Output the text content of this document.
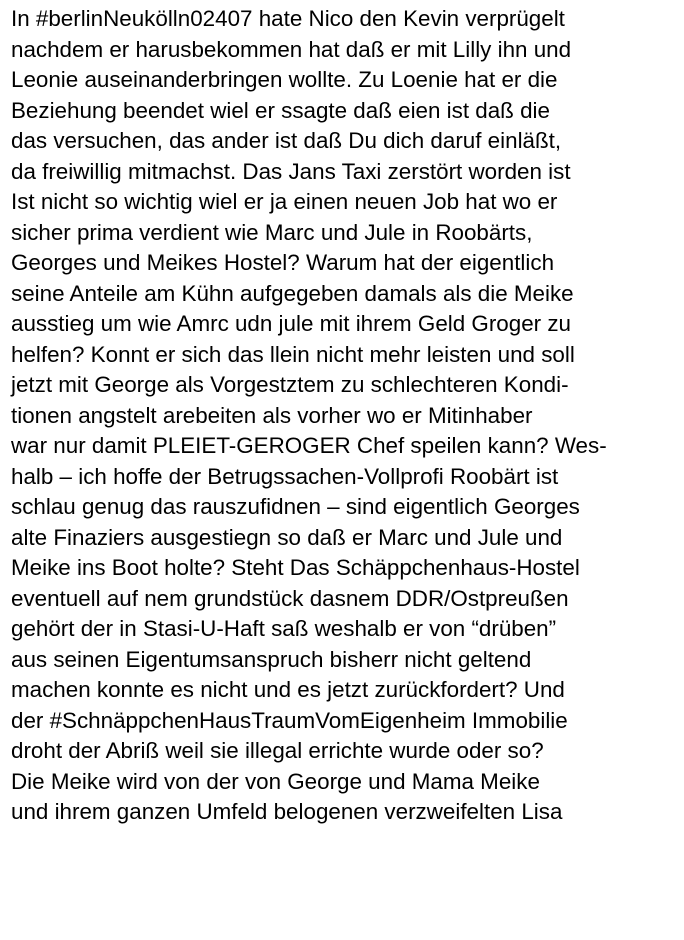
In #berlinNeukölln02407 hate Nico den Kevin verprügelt
nachdem er harusbekommen hat daß er mit Lilly ihn und
Leonie auseinanderbringen wollte. Zu Loenie hat er die
Beziehung beendet wiel er ssagte daß eien ist daß die
das versuchen, das ander ist daß Du dich daruf einläßt,
da freiwillig mitmachst. Das Jans Taxi zerstört worden ist
Ist nicht so wichtig wiel er ja einen neuen Job hat wo er
sicher prima verdient wie Marc und Jule in Roobärts,
Georges und Meikes Hostel? Warum hat der eigentlich
seine Anteile am Kühn aufgegeben damals als die Meike
ausstieg um wie Amrc udn jule mit ihrem Geld Groger zu
helfen? Konnt er sich das llein nicht mehr leisten und soll
jetzt mit George als Vorgestztem zu schlechteren Kondi-
tionen angstelt arebeiten als vorher wo er Mitinhaber
war nur damit PLEIET-GEROGER Chef speilen kann? Wes-
halb – ich hoffe der Betrugssachen-Vollprofi Roobärt ist
schlau genug das rauszufidnen – sind eigentlich Georges
alte Finaziers ausgestiegn so daß er Marc und Jule und
Meike ins Boot holte? Steht Das Schäppchenhaus-Hostel
eventuell auf nem grundstück dasnem DDR/Ostpreußen
gehört der in Stasi-U-Haft saß weshalb er von “drüben”
aus seinen Eigentumsanspruch bisherr nicht geltend
machen konnte es nicht und es jetzt zurückfordert? Und
der #SchnäppchenHausTraumVomEigenheim Immobilie
droht der Abriß weil sie illegal errichte wurde oder so?
Die Meike wird von der von George und Mama Meike
und ihrem ganzen Umfeld belogenen verzweifelten Lisa
